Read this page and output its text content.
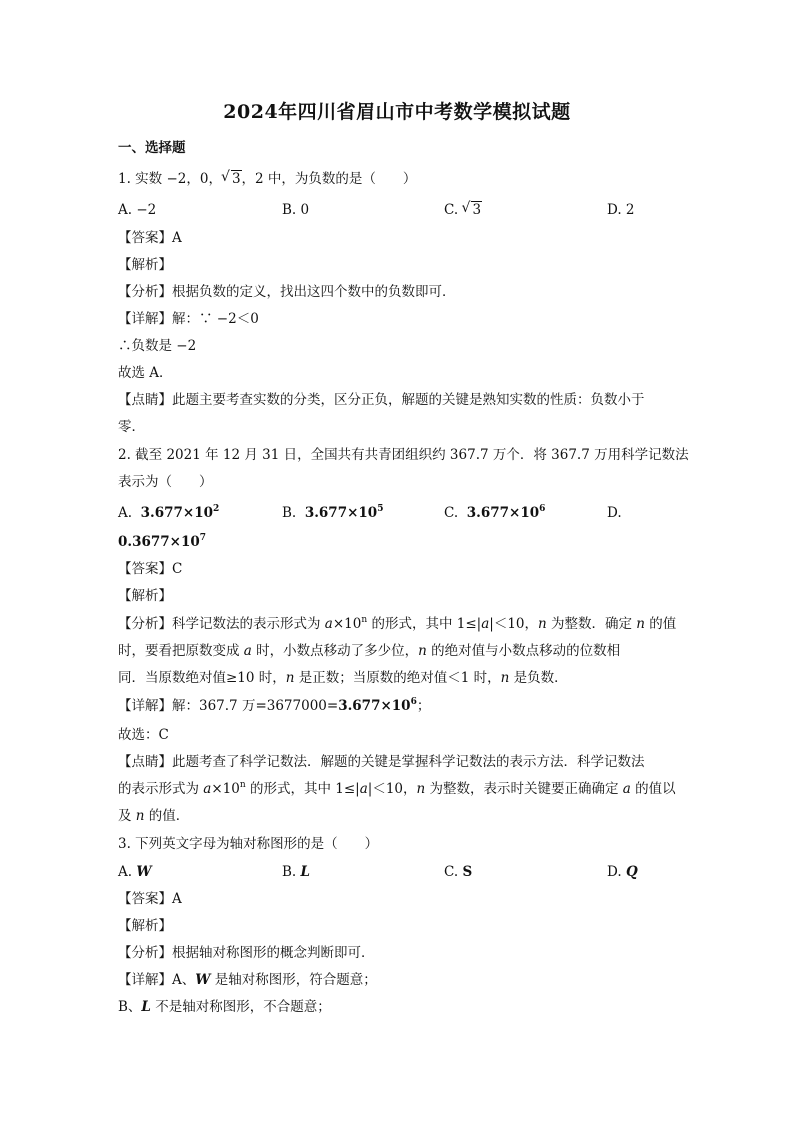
2024年四川省眉山市中考数学模拟试题
一、选择题
1. 实数 −2，0，√ 3，2 中，为负数的是（　　）
A. −2	B. 0	C. √ 3	D. 2
【答案】A
【解析】
【分析】根据负数的定义，找出这四个数中的负数即可．
【详解】解：∵ −2＜0
∴负数是 −2
故选 A．
【点睛】此题主要考查实数的分类，区分正负，解题的关键是熟知实数的性质：负数小于
零．
2. 截至 2021 年 12 月 31 日，全国共有共青团组织约 367.7 万个．将 367.7 万用科学记数法
表示为（　　）
A. $3.677\times 10^2$	B. $3.677\times 10^5$	C. $3.677\times 10^6$	D.
$0.3677\times 10^7$
【答案】C
【解析】
【分析】科学记数法的表示形式为 $a\times 10^n$ 的形式，其中 1≤|a|＜10，n 为整数．确定 n 的值
时，要看把原数变成 a 时，小数点移动了多少位，n 的绝对值与小数点移动的位数相
同．当原数绝对值≥10 时，n 是正数；当原数的绝对值＜1 时，n 是负数．
【详解】解：367.7 万$=3677000=3.677\times 10^6$；
故选：C
【点睛】此题考查了科学记数法．解题的关键是掌握科学记数法的表示方法．科学记数法
的表示形式为 $a\times 10^n$ 的形式，其中 1≤|a|＜10，n 为整数，表示时关键要正确确定 a 的值以
及 n 的值．
3. 下列英文字母为轴对称图形的是（　　）
A. W	B. L	C. S	D. Q
【答案】A
【解析】
【分析】根据轴对称图形的概念判断即可．
【详解】A、W 是轴对称图形，符合题意；
B、L 不是轴对称图形，不合题意；
